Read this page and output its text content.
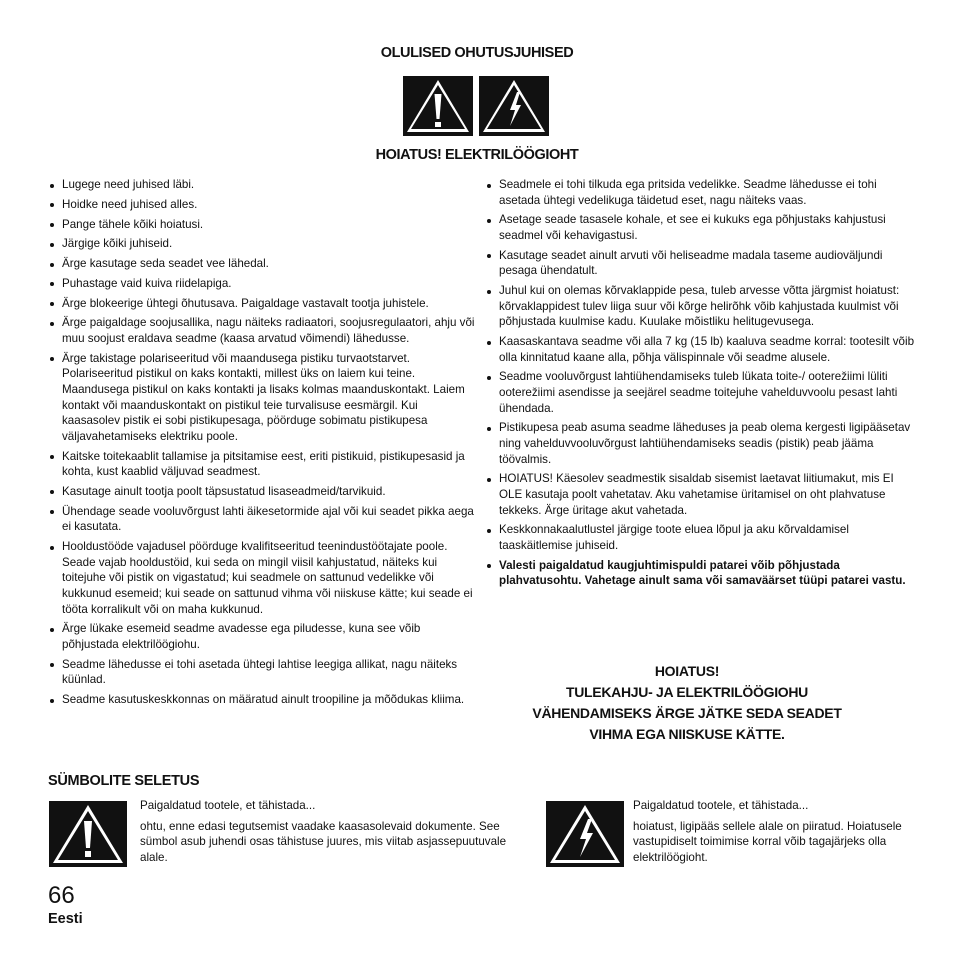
OLULISED OHUTUSJUHISED
HOIATUS! ELEKTRILÖÖGIOHT
Lugege need juhised läbi.
Hoidke need juhised alles.
Pange tähele kõiki hoiatusi.
Järgige kõiki juhiseid.
Ärge kasutage seda seadet vee lähedal.
Puhastage vaid kuiva riidelapiga.
Ärge blokeerige ühtegi õhutusava. Paigaldage vastavalt tootja juhistele.
Ärge paigaldage soojusallika, nagu näiteks radiaatori, soojusregulaatori, ahju või muu soojust eraldava seadme (kaasa arvatud võimendi) lähedusse.
Ärge takistage polariseeritud või maandusega pistiku turvaotstarvet. Polariseeritud pistikul on kaks kontakti, millest üks on laiem kui teine. Maandusega pistikul on kaks kontakti ja lisaks kolmas maanduskontakt. Laiem kontakt või maanduskontakt on pistikul teie turvalisuse eesmärgil. Kui kaasasolev pistik ei sobi pistikupesaga, pöörduge sobimatu pistikupesa väljavahetamiseks elektriku poole.
Kaitske toitekaablit tallamise ja pitsitamise eest, eriti pistikuid, pistikupesasid ja kohta, kust kaablid väljuvad seadmest.
Kasutage ainult tootja poolt täpsustatud lisaseadmeid/tarvikuid.
Ühendage seade vooluvõrgust lahti äikesetormide ajal või kui seadet pikka aega ei kasutata.
Hooldustööde vajadusel pöörduge kvalifitseeritud teenindustöötajate poole. Seade vajab hooldustöid, kui seda on mingil viisil kahjustatud, näiteks kui toitejuhe või pistik on vigastatud; kui seadmele on sattunud vedelikke või kukkunud esemeid; kui seade on sattunud vihma või niiskuse kätte; kui seade ei tööta korralikult või on maha kukkunud.
Ärge lükake esemeid seadme avadesse ega piludesse, kuna see võib põhjustada elektrilöögiohu.
Seadme lähedusse ei tohi asetada ühtegi lahtise leegiga allikat, nagu näiteks küünlad.
Seadme kasutuskeskkonnas on määratud ainult troopiline ja mõõdukas kliima.
Seadmele ei tohi tilkuda ega pritsida vedelikke. Seadme lähedusse ei tohi asetada ühtegi vedelikuga täidetud eset, nagu näiteks vaas.
Asetage seade tasasele kohale, et see ei kukuks ega põhjustaks kahjustusi seadmel või kehavigastusi.
Kasutage seadet ainult arvuti või heliseadme madala taseme audioväljundi pesaga ühendatult.
Juhul kui on olemas kõrvaklappide pesa, tuleb arvesse võtta järgmist hoiatust: kõrvaklappidest tulev liiga suur või kõrge helirõhk võib kahjustada kuulmist või põhjustada kuulmise kadu. Kuulake mõistliku helitugevusega.
Kaasaskantava seadme või alla 7 kg (15 lb) kaaluva seadme korral: tootesilt võib olla kinnitatud kaane alla, põhja välispinnale või seadme alusele.
Seadme vooluvõrgust lahtiühendamiseks tuleb lükata toite-/ ooterežiimi lüliti ooterežiimi asendisse ja seejärel seadme toitejuhe vahelduvvoolu pesast lahti ühendada.
Pistikupesa peab asuma seadme läheduses ja peab olema kergesti ligipääsetav ning vahelduvvooluvõrgust lahtiühendamiseks seadis (pistik) peab jääma töövalmis.
HOIATUS! Käesolev seadmestik sisaldab sisemist laetavat liitiumakut, mis EI OLE kasutaja poolt vahetatav. Aku vahetamise üritamisel on oht plahvatuse tekkeks. Ärge üritage akut vahetada.
Keskkonnakaalutlustel järgige toote eluea lõpul ja aku kõrvaldamisel taaskäitlemise juhiseid.
Valesti paigaldatud kaugjuhtimispuldi patarei võib põhjustada plahvatusohtu. Vahetage ainult sama või samaväärset tüüpi patarei vastu.
HOIATUS!
TULEKAHJU- JA ELEKTRILÖÖGIOHU
VÄHENDAMISEKS ÄRGE JÄTKE SEDA SEADET
VIHMA EGA NIISKUSE KÄTTE.
SÜMBOLITE SELETUS

Paigaldatud tootele, et tähistada...

ohtu, enne edasi tegutsemist vaadake kaasasolevaid dokumente. See sümbol asub juhendi osas tähistuse juures, mis viitab asjassepuutuvale alale.

Paigaldatud tootele, et tähistada...

hoiatust, ligipääs sellele alale on piiratud. Hoiatusele vastupidiselt toimimise korral võib tagajärjeks olla elektrilöögioht.

66
Eesti
